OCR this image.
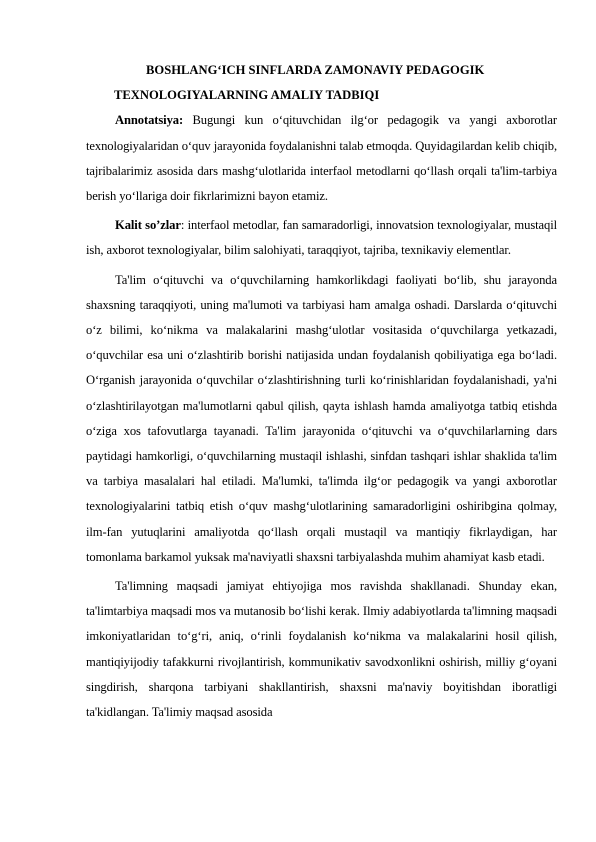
BOSHLANG‘ICH SINFLARDA ZAMONAVIY PEDAGOGIK
TEXNOLOGIYALARNING AMALIY TADBIQI

Annotatsiya: Bugungi kun o‘qituvchidan ilg‘or pedagogik va yangi axborotlar texnologiyalaridan o‘quv jarayonida foydalanishni talab etmoqda. Quyidagilardan kelib chiqib, tajribalarimiz asosida dars mashg‘ulotlarida interfaol metodlarni qo‘llash orqali ta'lim-tarbiya berish yo‘llariga doir fikrlarimizni bayon etamiz.

Kalit so’zlar: interfaol metodlar, fan samaradorligi, innovatsion texnologiyalar, mustaqil ish, axborot texnologiyalar, bilim salohiyati, taraqqiyot, tajriba, texnikaviy elementlar.

Ta'lim o‘qituvchi va o‘quvchilarning hamkorlikdagi faoliyati bo‘lib, shu jarayonda shaxsning taraqqiyoti, uning ma'lumoti va tarbiyasi ham amalga oshadi. Darslarda o‘qituvchi o‘z bilimi, ko‘nikma va malakalarini mashg‘ulotlar vositasida o‘quvchilarga yetkazadi, o‘quvchilar esa uni o‘zlashtirib borishi natijasida undan foydalanish qobiliyatiga ega bo‘ladi. O‘rganish jarayonida o‘quvchilar o‘zlashtirishning turli ko‘rinishlaridan foydalanishadi, ya'ni o‘zlashtirilayotgan ma'lumotlarni qabul qilish, qayta ishlash hamda amaliyotga tatbiq etishda o‘ziga xos tafovutlarga tayanadi. Ta'lim jarayonida o‘qituvchi va o‘quvchilarlarning dars paytidagi hamkorligi, o‘quvchilarning mustaqil ishlashi, sinfdan tashqari ishlar shaklida ta'lim va tarbiya masalalari hal etiladi. Ma'lumki, ta'limda ilg‘or pedagogik va yangi axborotlar texnologiyalarini tatbiq etish o‘quv mashg‘ulotlarining samaradorligini oshiribgina qolmay, ilm-fan yutuqlarini amaliyotda qo‘llash orqali mustaqil va mantiqiy fikrlaydigan, har tomonlama barkamol yuksak ma'naviyatli shaxsni tarbiyalashda muhim ahamiyat kasb etadi.

Ta'limning maqsadi jamiyat ehtiyojiga mos ravishda shakllanadi. Shunday ekan, ta'limtarbiya maqsadi mos va mutanosib bo‘lishi kerak. Ilmiy adabiyotlarda ta'limning maqsadi imkoniyatlaridan to‘g‘ri, aniq, o‘rinli foydalanish ko‘nikma va malakalarini hosil qilish, mantiqiyijodiy tafakkurni rivojlantirish, kommunikativ savodxonlikni oshirish, milliy g‘oyani singdirish, sharqona tarbiyani shakllantirish, shaxsni ma'naviy boyitishdan iboratligi ta'kidlangan. Ta'limiy maqsad asosida
